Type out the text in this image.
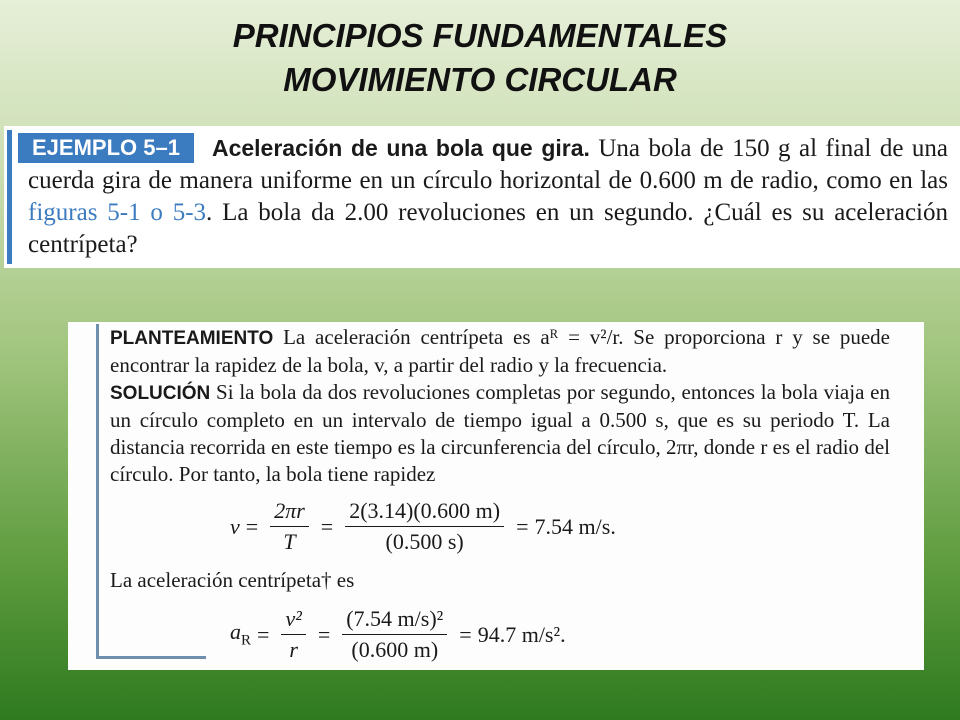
PRINCIPIOS FUNDAMENTALES
MOVIMIENTO CIRCULAR
EJEMPLO 5–1 Aceleración de una bola que gira. Una bola de 150 g al final de una cuerda gira de manera uniforme en un círculo horizontal de 0.600 m de radio, como en las figuras 5-1 o 5-3. La bola da 2.00 revoluciones en un segundo. ¿Cuál es su aceleración centrípeta?
PLANTEAMIENTO La aceleración centrípeta es aᴿ = v²/r. Se proporciona r y se puede encontrar la rapidez de la bola, v, a partir del radio y la frecuencia.
SOLUCIÓN Si la bola da dos revoluciones completas por segundo, entonces la bola viaja en un círculo completo en un intervalo de tiempo igual a 0.500 s, que es su periodo T. La distancia recorrida en este tiempo es la circunferencia del círculo, 2πr, donde r es el radio del círculo. Por tanto, la bola tiene rapidez
$v = \frac{2\pi r}{T} = \frac{2(3.14)(0.600 m)}{(0.500 s)} = 7.54$ m/s.
La aceleración centrípeta† es
$a_R = \frac{\text{v²}}{r} = \frac{\text{(7.54 m/s)²}}{(0.600 m)} = 94.7$ m/s².
